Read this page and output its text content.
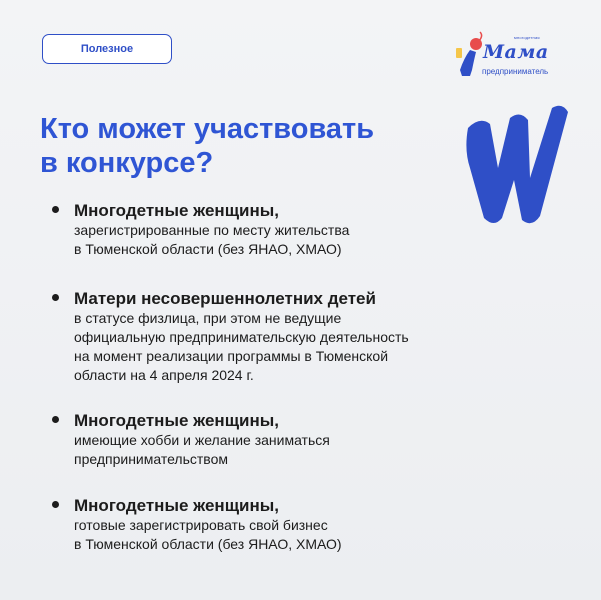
Полезное
многодетная
Мама
предприниматель
Кто может участвовать
в конкурсе?
Многодетные женщины,
зарегистрированные по месту жительства
в Тюменской области (без ЯНАО, ХМАО)
Матери несовершеннолетних детей
в статусе физлица, при этом не ведущие
официальную предпринимательскую деятельность
на момент реализации программы в Тюменской
области на 4 апреля 2024 г.
Многодетные женщины,
имеющие хобби и желание заниматься
предпринимательством
Многодетные женщины,
готовые зарегистрировать свой бизнес
в Тюменской области (без ЯНАО, ХМАО)
